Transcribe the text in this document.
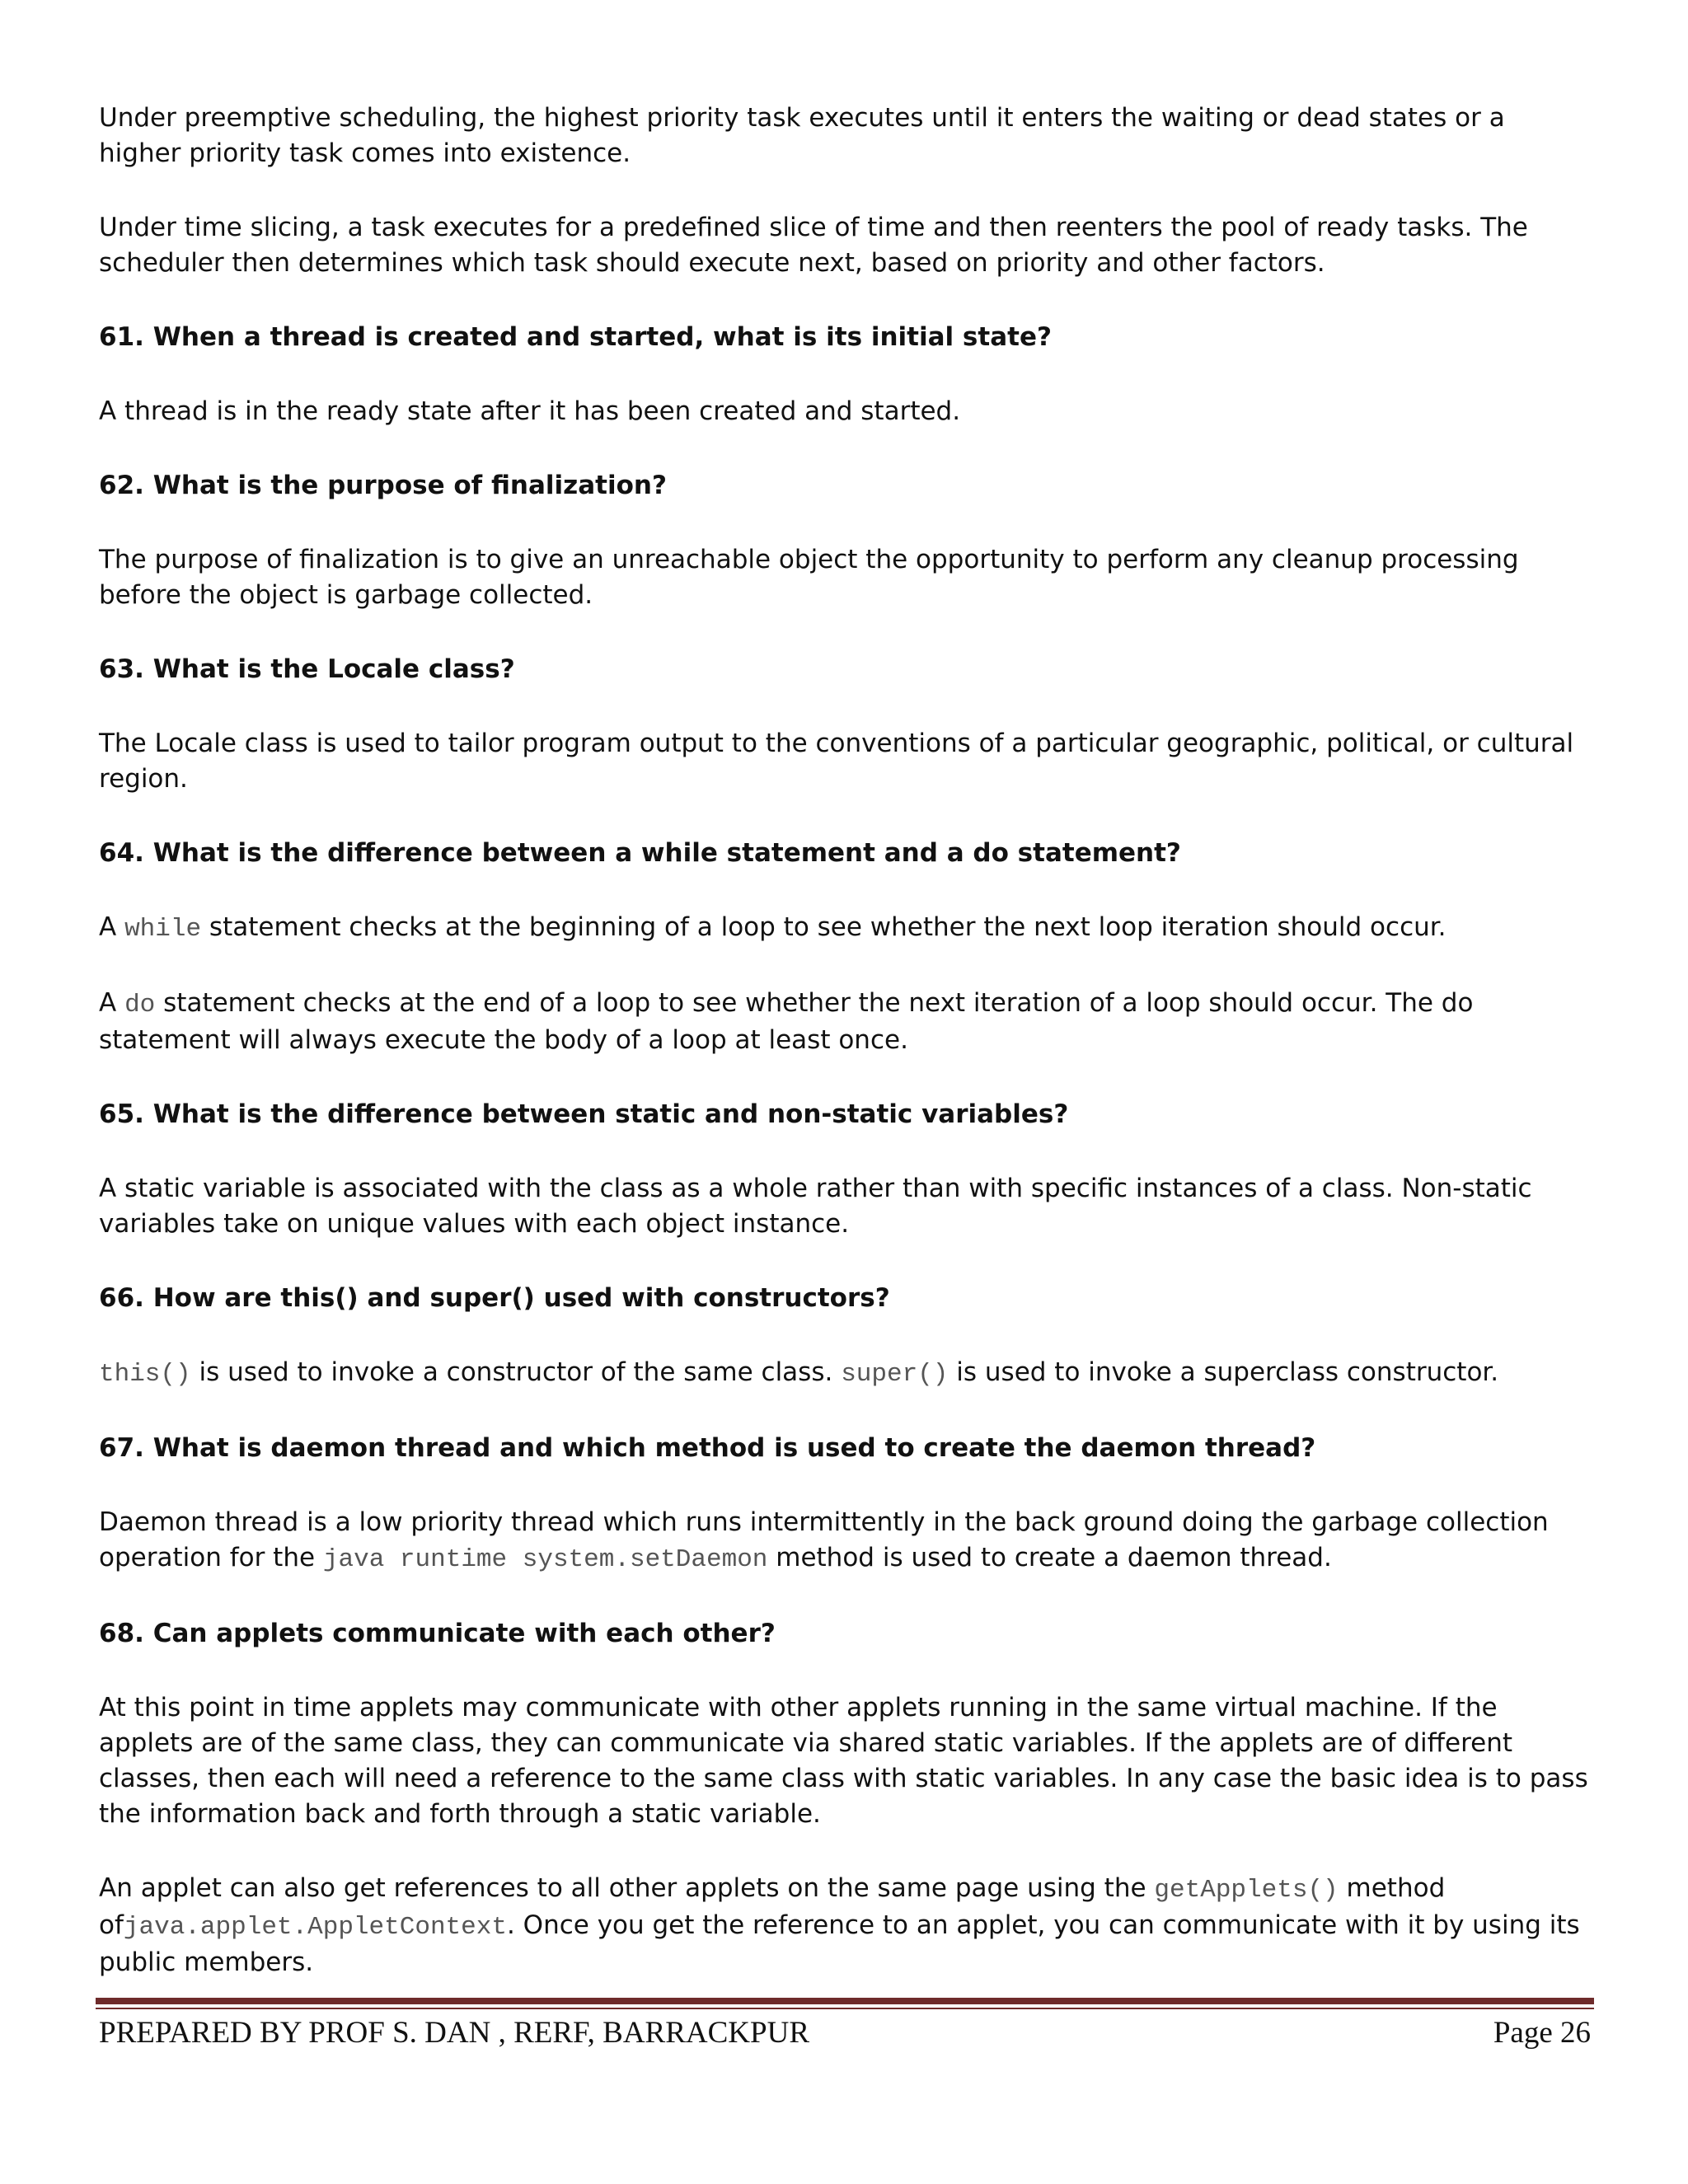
Under preemptive scheduling, the highest priority task executes until it enters the waiting or dead states or a higher priority task comes into existence.

Under time slicing, a task executes for a predefined slice of time and then reenters the pool of ready tasks. The scheduler then determines which task should execute next, based on priority and other factors.

61. When a thread is created and started, what is its initial state?

A thread is in the ready state after it has been created and started.

62. What is the purpose of finalization?

The purpose of finalization is to give an unreachable object the opportunity to perform any cleanup processing before the object is garbage collected.

63. What is the Locale class?

The Locale class is used to tailor program output to the conventions of a particular geographic, political, or cultural region.

64. What is the difference between a while statement and a do statement?

A while statement checks at the beginning of a loop to see whether the next loop iteration should occur.

A do statement checks at the end of a loop to see whether the next iteration of a loop should occur. The do statement will always execute the body of a loop at least once.

65. What is the difference between static and non-static variables?

A static variable is associated with the class as a whole rather than with specific instances of a class. Non-static variables take on unique values with each object instance.

66. How are this() and super() used with constructors?

this() is used to invoke a constructor of the same class. super() is used to invoke a superclass constructor.

67. What is daemon thread and which method is used to create the daemon thread?

Daemon thread is a low priority thread which runs intermittently in the back ground doing the garbage collection operation for the java runtime system.setDaemon method is used to create a daemon thread.

68. Can applets communicate with each other?

At this point in time applets may communicate with other applets running in the same virtual machine. If the applets are of the same class, they can communicate via shared static variables. If the applets are of different classes, then each will need a reference to the same class with static variables. In any case the basic idea is to pass the information back and forth through a static variable.

An applet can also get references to all other applets on the same page using the getApplets() method ofjava.applet.AppletContext. Once you get the reference to an applet, you can communicate with it by using its public members.

PREPARED BY PROF S. DAN , RERF, BARRACKPUR	Page 26
